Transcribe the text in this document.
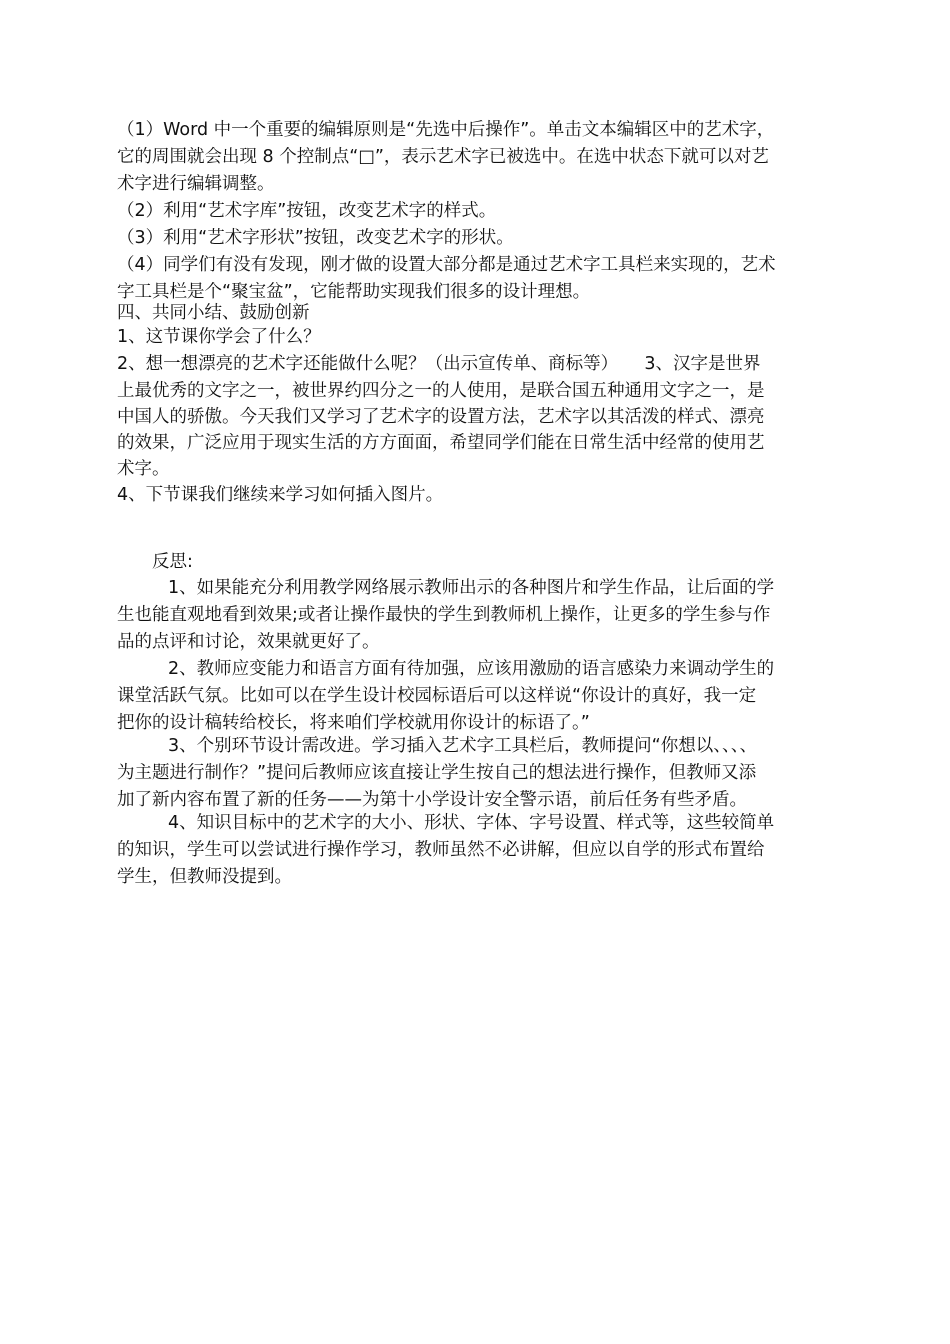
（1）Word 中一个重要的编辑原则是“先选中后操作”。单击文本编辑区中的艺术字，
它的周围就会出现 8 个控制点“□”，表示艺术字已被选中。在选中状态下就可以对艺
术字进行编辑调整。
（2）利用“艺术字库”按钮，改变艺术字的样式。
（3）利用“艺术字形状”按钮，改变艺术字的形状。
（4）同学们有没有发现，刚才做的设置大部分都是通过艺术字工具栏来实现的，艺术
字工具栏是个“聚宝盆”，它能帮助实现我们很多的设计理想。
四、共同小结、鼓励创新
1、这节课你学会了什么？
2、想一想漂亮的艺术字还能做什么呢？（出示宣传单、商标等）　　3、汉字是世界
上最优秀的文字之一，被世界约四分之一的人使用，是联合国五种通用文字之一，是
中国人的骄傲。今天我们又学习了艺术字的设置方法，艺术字以其活泼的样式、漂亮
的效果，广泛应用于现实生活的方方面面，希望同学们能在日常生活中经常的使用艺
术字。
4、下节课我们继续来学习如何插入图片。
反思:
1、如果能充分利用教学网络展示教师出示的各种图片和学生作品，让后面的学
生也能直观地看到效果;或者让操作最快的学生到教师机上操作，让更多的学生参与作
品的点评和讨论，效果就更好了。
2、教师应变能力和语言方面有待加强，应该用激励的语言感染力来调动学生的
课堂活跃气氛。比如可以在学生设计校园标语后可以这样说“你设计的真好，我一定
把你的设计稿转给校长，将来咱们学校就用你设计的标语了。”
3、个别环节设计需改进。学习插入艺术字工具栏后，教师提问“你想以、、、、
为主题进行制作？”提问后教师应该直接让学生按自己的想法进行操作，但教师又添
加了新内容布置了新的任务——为第十小学设计安全警示语，前后任务有些矛盾。
4、知识目标中的艺术字的大小、形状、字体、字号设置、样式等，这些较简单
的知识，学生可以尝试进行操作学习，教师虽然不必讲解，但应以自学的形式布置给
学生，但教师没提到。
